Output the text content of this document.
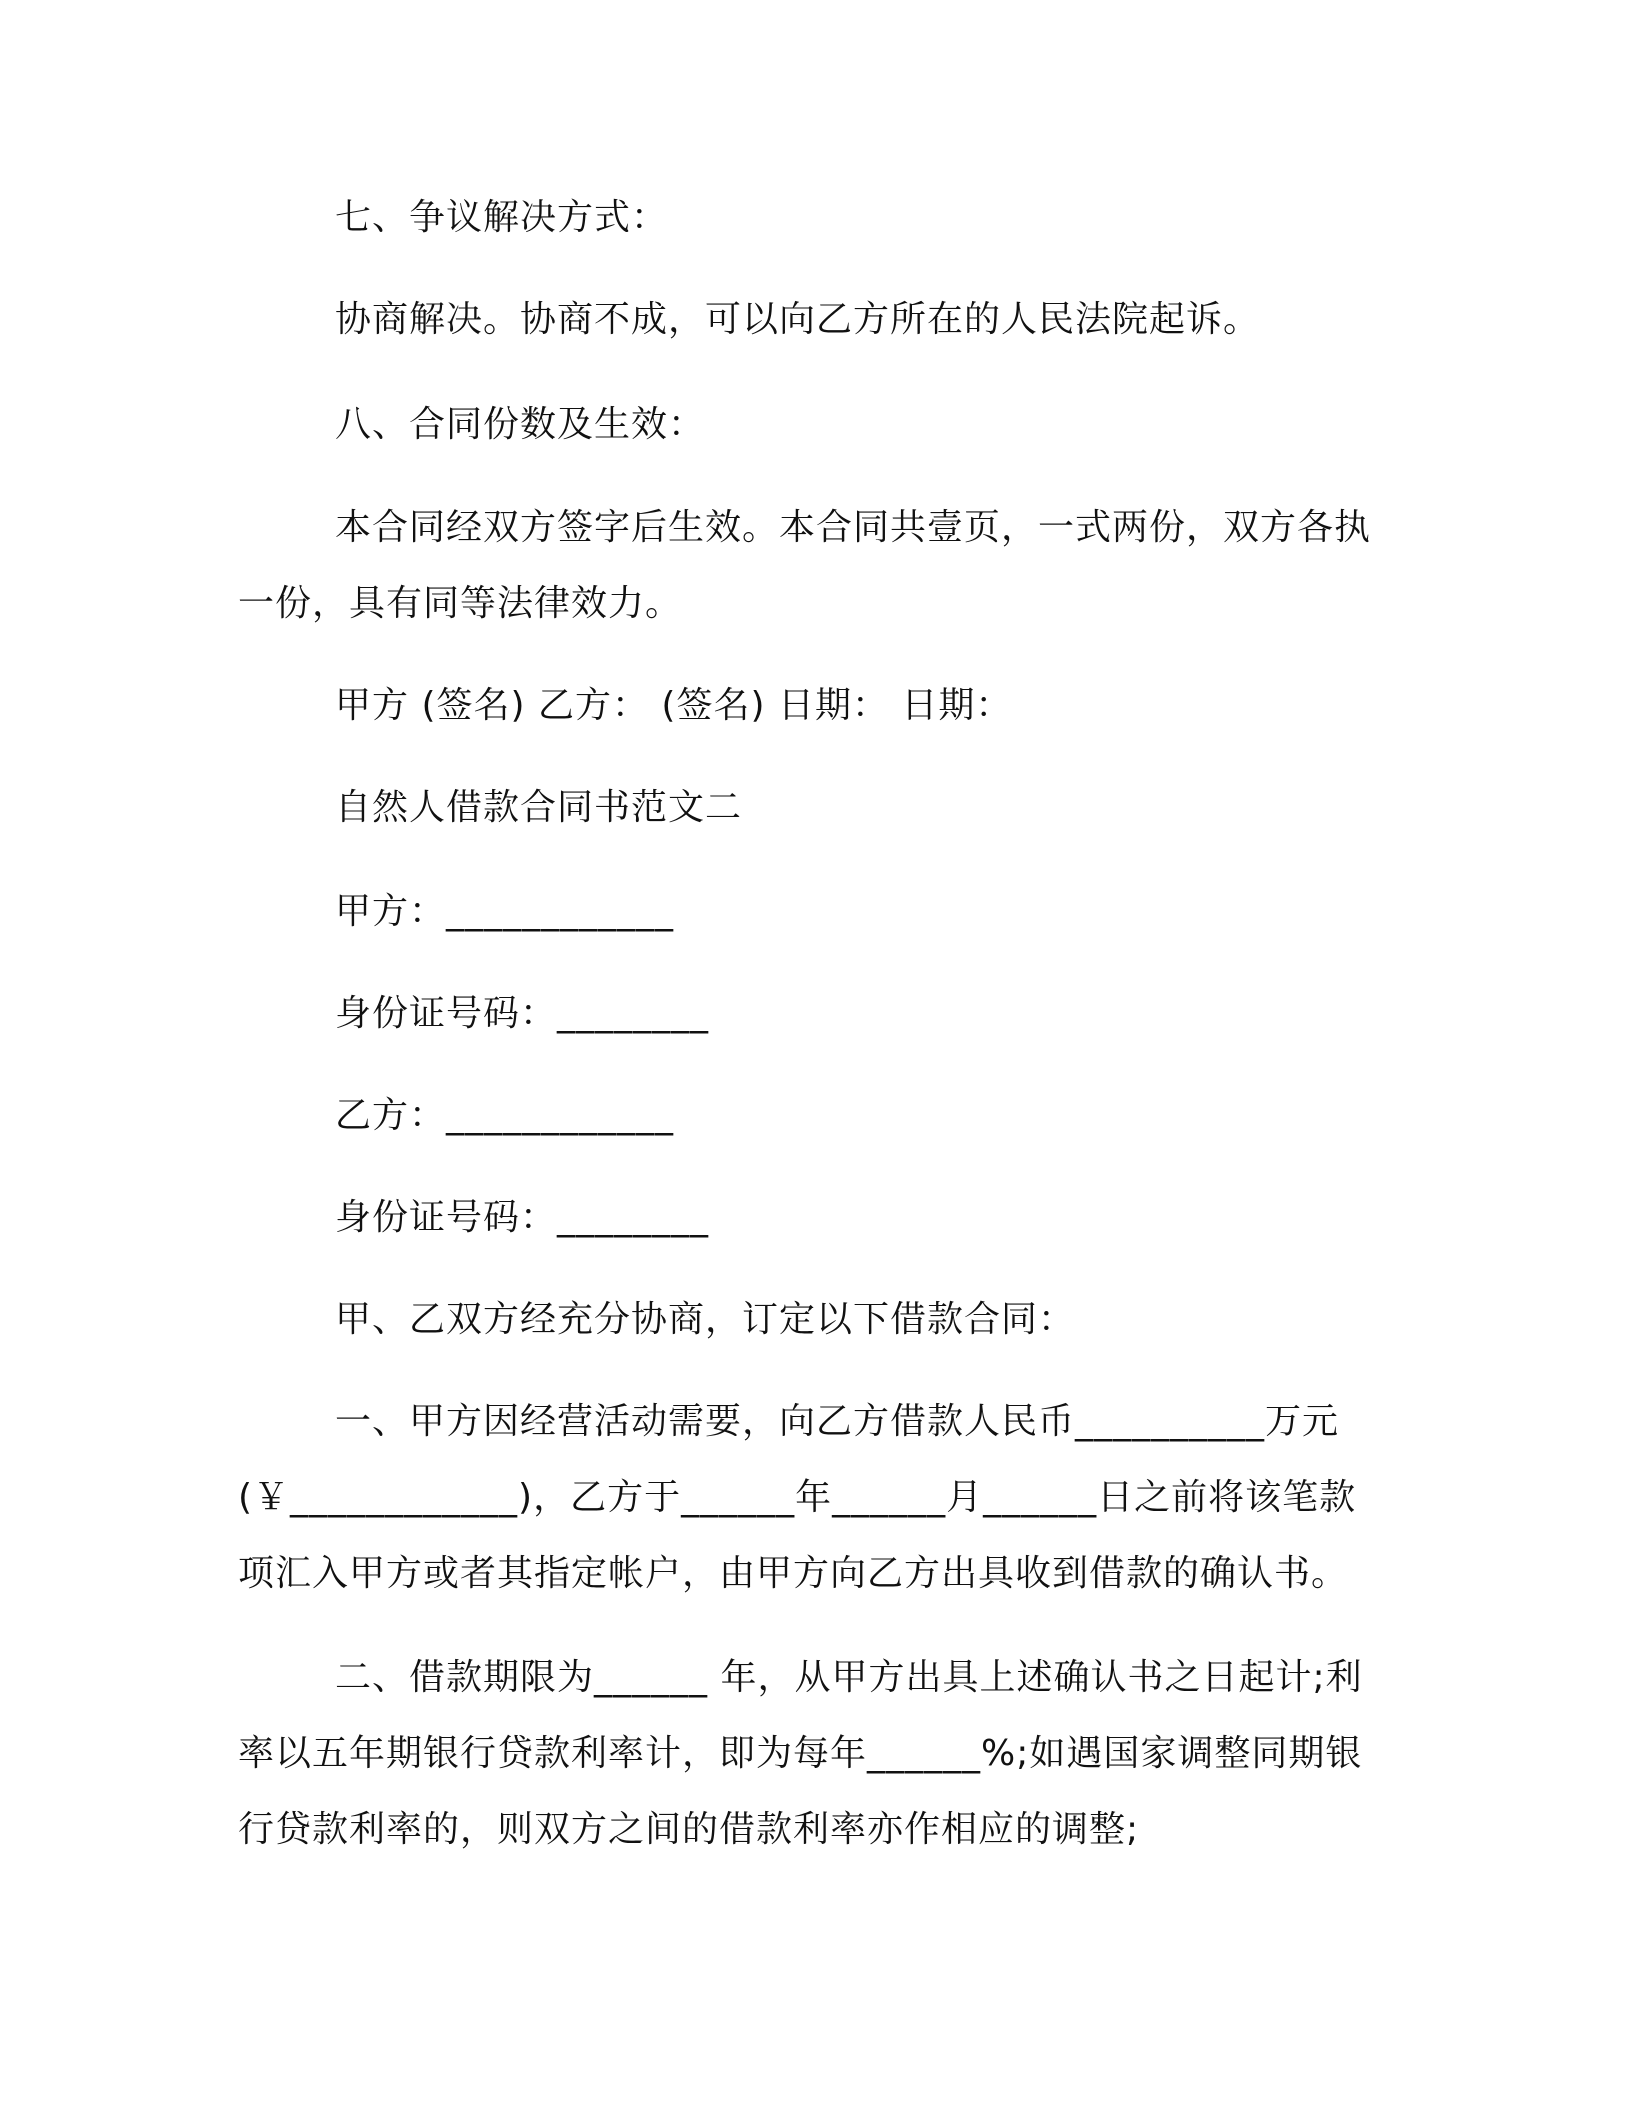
七、争议解决方式：

协商解决。协商不成，可以向乙方所在的人民法院起诉。

八、合同份数及生效：

本合同经双方签字后生效。本合同共壹页，一式两份，双方各执一份，具有同等法律效力。

甲方 (签名) 乙方： (签名) 日期： 日期：

自然人借款合同书范文二

甲方：____________

身份证号码：________

乙方：____________

身份证号码：________

甲、乙双方经充分协商，订定以下借款合同：

一、甲方因经营活动需要，向乙方借款人民币__________万元(￥____________)，乙方于______年______月______日之前将该笔款项汇入甲方或者其指定帐户，由甲方向乙方出具收到借款的确认书。

二、借款期限为______ 年，从甲方出具上述确认书之日起计;利率以五年期银行贷款利率计，即为每年______%;如遇国家调整同期银行贷款利率的，则双方之间的借款利率亦作相应的调整;
